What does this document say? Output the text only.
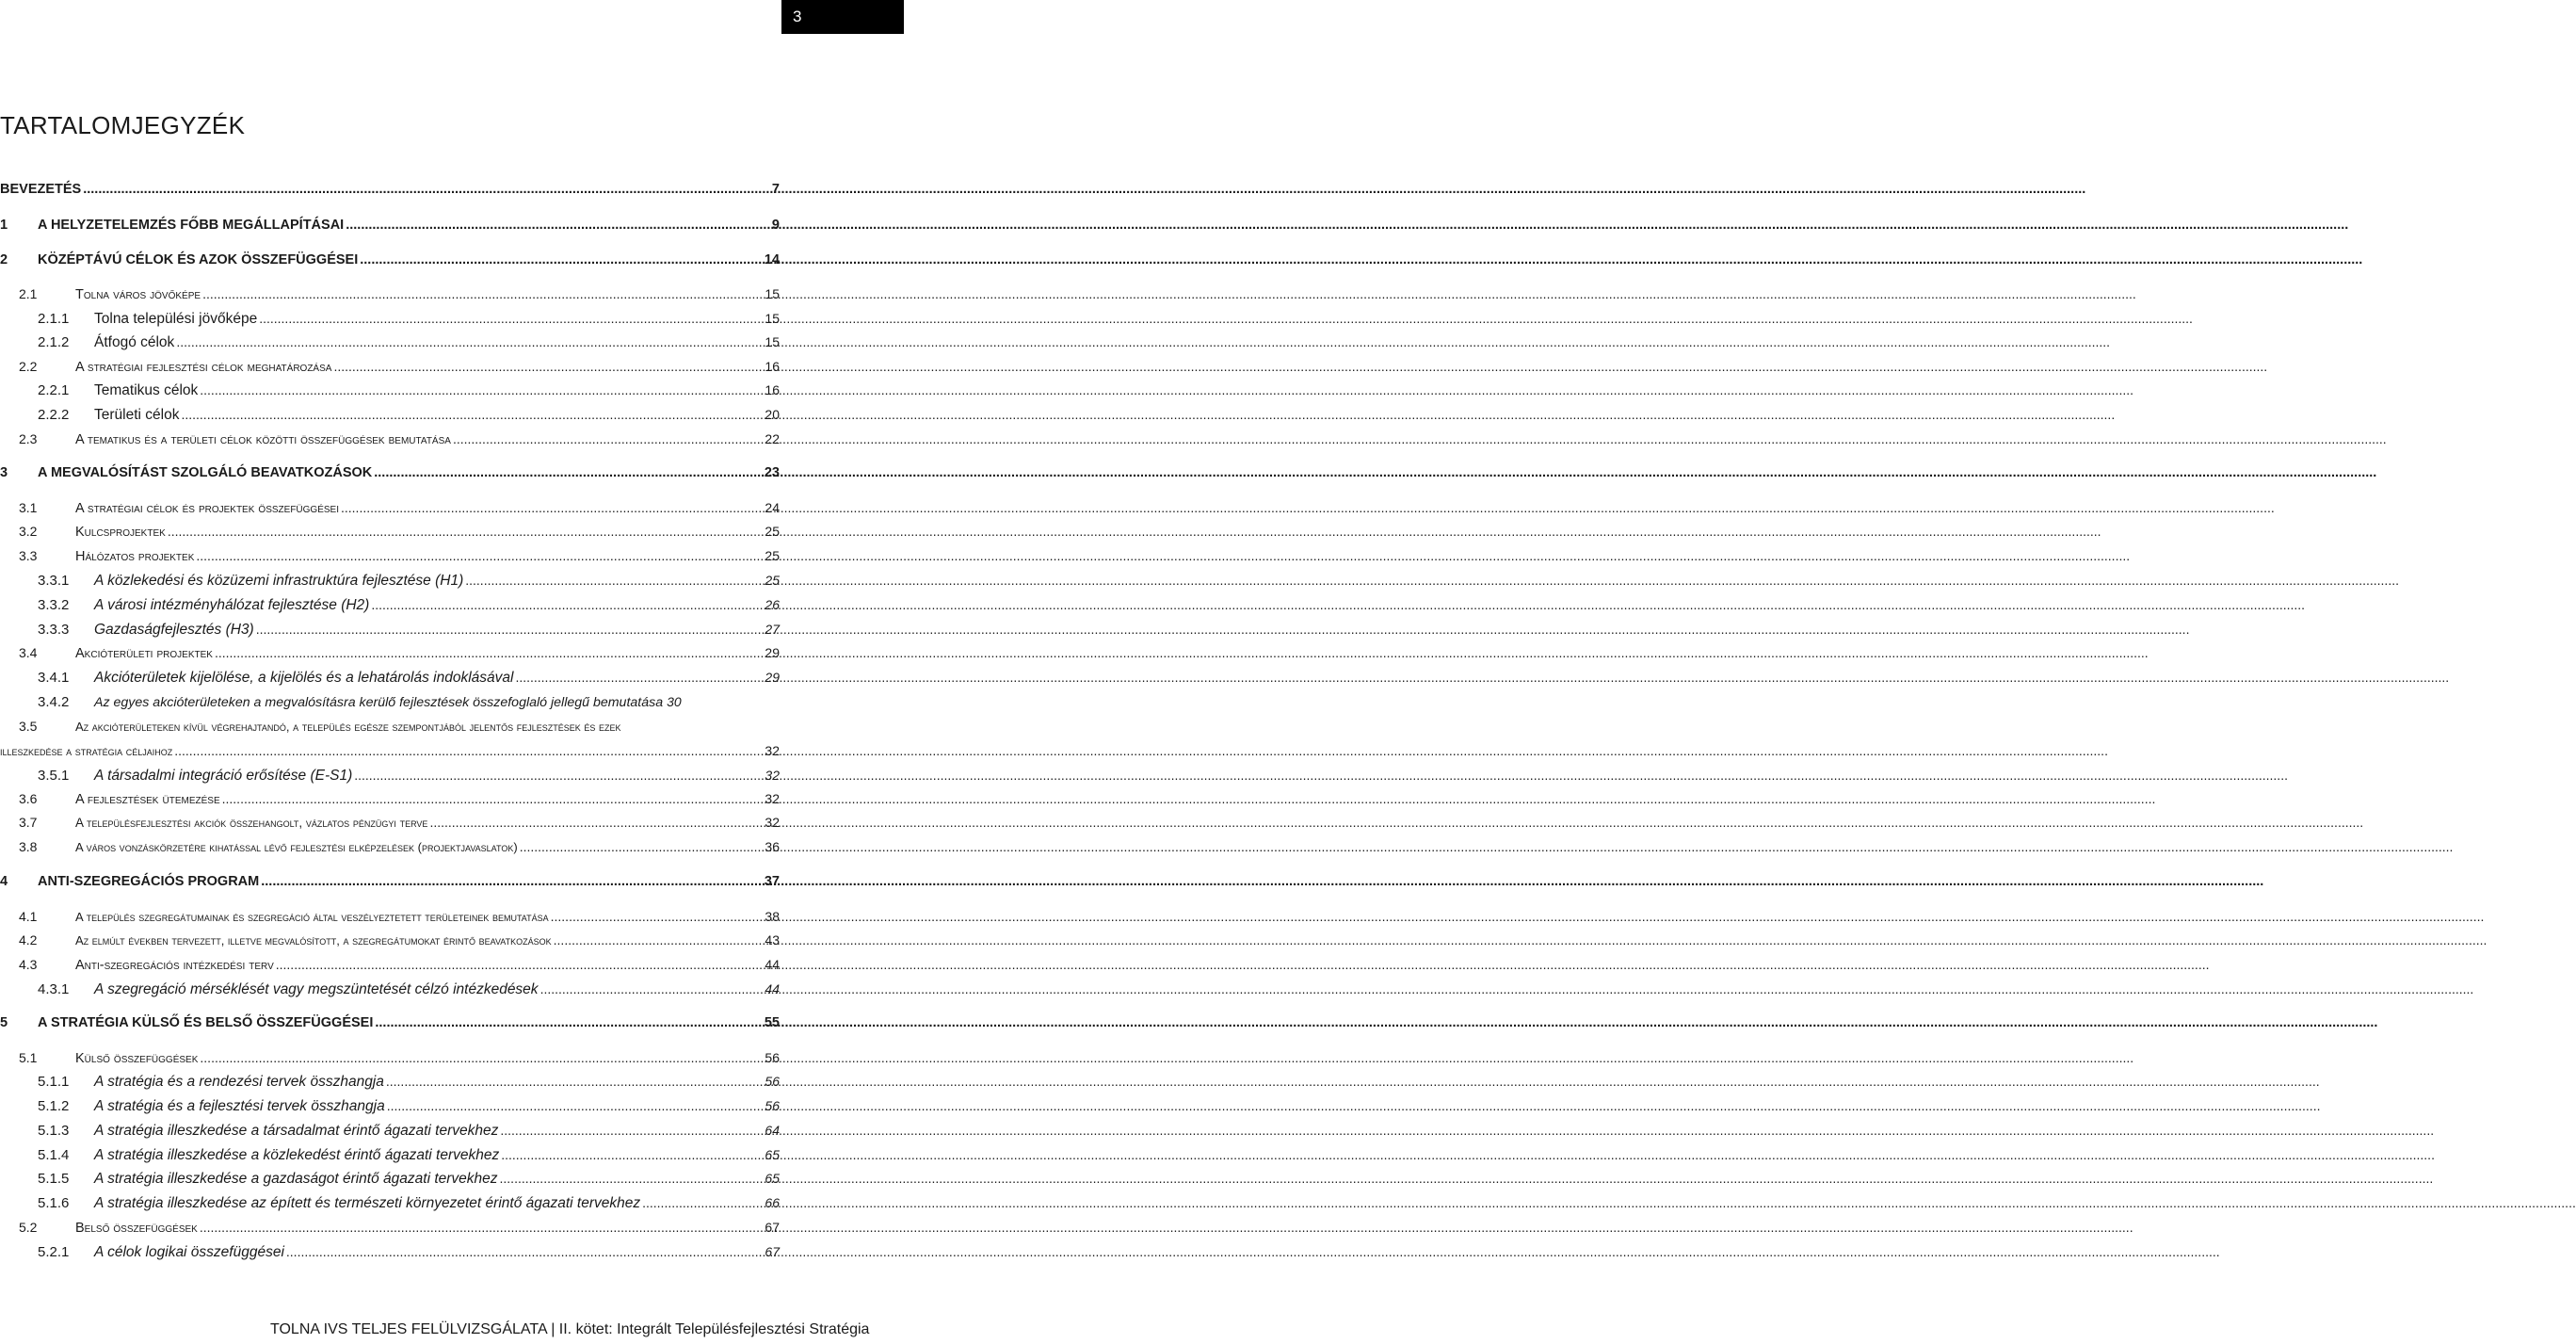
3
TARTALOMJEGYZÉK
BEVEZETÉS .....	7
1	A HELYZETELEMZÉS FŐBB MEGÁLLAPÍTÁSAI .....	9
2	KÖZÉPTÁVÚ CÉLOK ÉS AZOK ÖSSZEFÜGGÉSEI .....	14
2.1	Tolna város jövőképe .....	15
2.1.1	Tolna települési jövőképe .....	15
2.1.2	Átfogó célok .....	15
2.2	A stratégiai fejlesztési célok meghatározása .....	16
2.2.1	Tematikus célok .....	16
2.2.2	Területi célok .....	20
2.3	A tematikus és a területi célok közötti összefüggések bemutatása .....	22
3	A MEGVALÓSÍTÁST SZOLGÁLÓ BEAVATKOZÁSOK .....	23
3.1	A stratégiai célok és projektek összefüggései .....	24
3.2	Kulcsprojektek .....	25
3.3	Hálózatos projektek .....	25
3.3.1	A közlekedési és közüzemi infrastruktúra fejlesztése (H1) .....	25
3.3.2	A városi intézményhálózat fejlesztése (H2) .....	26
3.3.3	Gazdaságfejlesztés (H3) .....	27
3.4	Akcióterületi projektek .....	29
3.4.1	Akcióterületek kijelölése, a kijelölés és a lehatárolás indoklásával .....	29
3.4.2	Az egyes akcióterületeken a megvalósításra kerülő fejlesztések összefoglaló jellegű bemutatása 30
3.5	Az akcióterületeken kívül végrehajtandó, a település egésze szempontjából jelentős fejlesztések és ezek
illeszkedése a stratégia céljaihoz .....	32
3.5.1	A társadalmi integráció erősítése (E-S1) .....	32
3.6	A fejlesztések ütemezése .....	32
3.7	A településfejlesztési akciók összehangolt, vázlatos pénzügyi terve .....	32
3.8	A város vonzáskörzetére kihatással lévő fejlesztési elképzelések (projektjavaslatok) .....	36
4	ANTI-SZEGREGÁCIÓS PROGRAM .....	37
4.1	A település szegregátumainak és szegregáció által veszélyeztetett területeinek bemutatása .....	38
4.2	Az elmúlt években tervezett, illetve megvalósított, a szegregátumokat érintő beavatkozások .....	43
4.3	Anti-szegregációs intézkedési terv .....	44
4.3.1	A szegregáció mérséklését vagy megszüntetését célzó intézkedések .....	44
5	A STRATÉGIA KÜLSŐ ÉS BELSŐ ÖSSZEFÜGGÉSEI .....	55
5.1	Külső összefüggések .....	56
5.1.1	A stratégia és a rendezési tervek összhangja .....	56
5.1.2	A stratégia és a fejlesztési tervek összhangja .....	56
5.1.3	A stratégia illeszkedése a társadalmat érintő ágazati tervekhez .....	64
5.1.4	A stratégia illeszkedése a közlekedést érintő ágazati tervekhez .....	65
5.1.5	A stratégia illeszkedése a gazdaságot érintő ágazati tervekhez .....	65
5.1.6	A stratégia illeszkedése az épített és természeti környezetet érintő ágazati tervekhez .....	66
5.2	Belső összefüggések .....	67
5.2.1	A célok logikai összefüggései .....	67
TOLNA IVS TELJES FELÜLVIZSGÁLATA | II. kötet: Integrált Településfejlesztési Stratégia
